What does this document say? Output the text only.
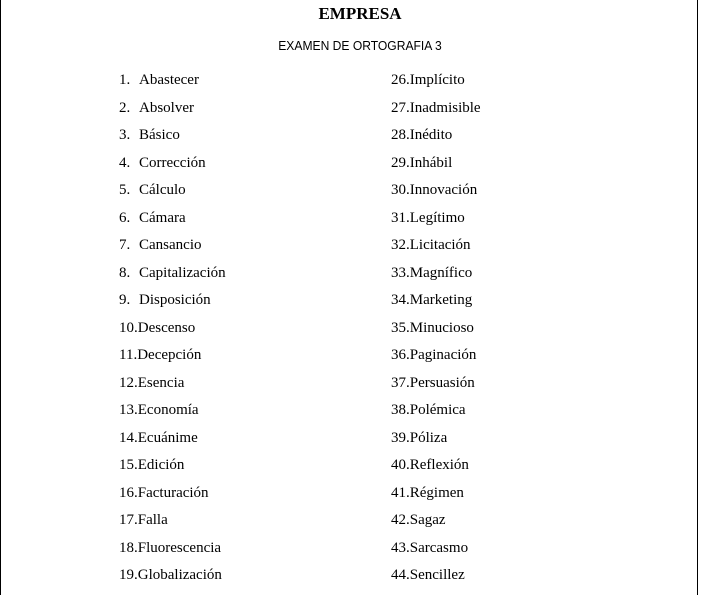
EMPRESA
EXAMEN DE ORTOGRAFIA 3
1. Abastecer
2. Absolver
3. Básico
4. Corrección
5. Cálculo
6. Cámara
7. Cansancio
8. Capitalización
9. Disposición
10.Descenso
11.Decepción
12.Esencia
13.Economía
14.Ecuánime
15.Edición
16.Facturación
17.Falla
18.Fluorescencia
19.Globalización
26.Implícito
27.Inadmisible
28.Inédito
29.Inhábil
30.Innovación
31.Legítimo
32.Licitación
33.Magnífico
34.Marketing
35.Minucioso
36.Paginación
37.Persuasión
38.Polémica
39.Póliza
40.Reflexión
41.Régimen
42.Sagaz
43.Sarcasmo
44.Sencillez
